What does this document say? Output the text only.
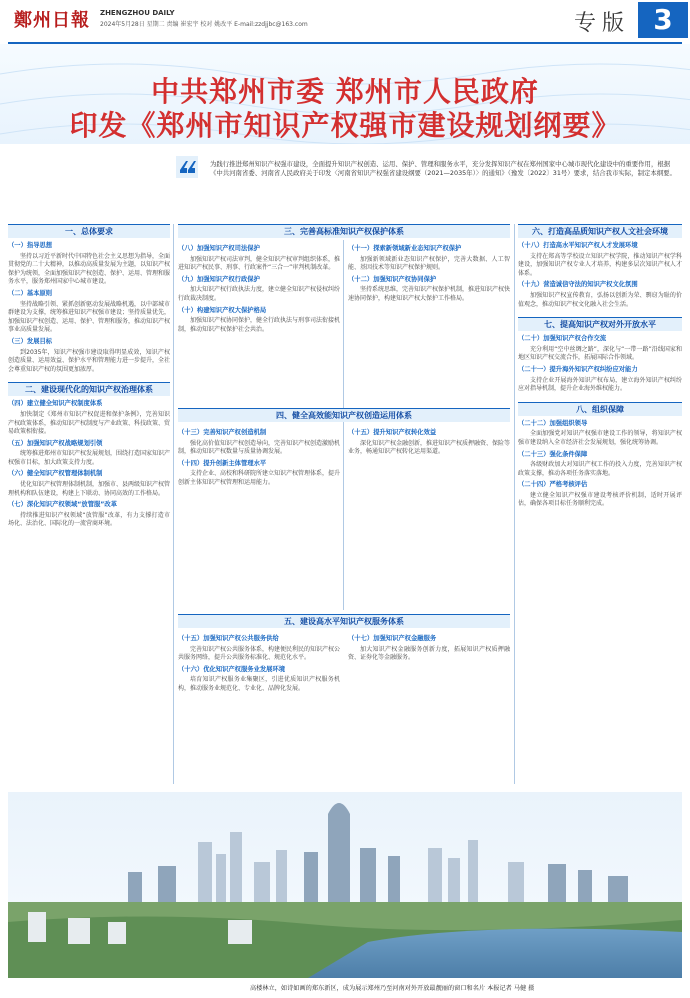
鄭州日報 ZHENGZHOU DAILY
2024年5月28日 星期二 责编 崔宏宇 校对 姚改平 E-mail:zzdjjbc@163.com	专版 3
中共郑州市委 郑州市人民政府
印发《郑州市知识产权强市建设规划纲要》
为践行推进郑州知识产权强市建设，全面提升知识产权创造、运用、保护、管理和服务水平，充分发挥知识产权在郑州国家中心城市现代化建设中的重要作用，根据《中共河南省委、河南省人民政府关于印发〈河南省知识产权强省建设纲要（2021—2035年）〉的通知》（豫发〔2022〕31号）要求，结合我市实际，制定本纲要。
一、总体要求
（一）指导思想
坚持以习近平新时代中国特色社会主义思想为指导，全面贯彻党的二十大精神，以推动高质量发展为主题，以知识产权保护为统领，全面加强知识产权创造、保护、运用、管理和服务水平，服务郑州国家中心城市建设。
（二）基本原则
坚持战略引领、紧抓创新驱动发展战略机遇，以中部城市群建设为支撑，统筹推进知识产权强市建设；坚持质量优先，加强知识产权创造、运用、保护、管理和服务，推动知识产权事业高质量发展。
（三）发展目标
到2035年，知识产权强市建设取得明显成效，知识产权创造质量、运用效益、保护水平和管理能力进一步提升，全社会尊重知识产权的氛围更加浓厚。
二、建设现代化的知识产权治理体系
（四）建立健全知识产权制度体系
加快制定《郑州市知识产权促进和保护条例》，完善知识产权政策体系，推动知识产权制度与产业政策、科技政策、贸易政策相衔接。
（五）加强知识产权战略规划引领
统筹推进郑州市知识产权发展规划，围绕打造国家知识产权强市目标，加大政策支持力度。
（六）健全知识产权管理体制机制
优化知识产权管理体制机制，加强市、县两级知识产权管理机构和队伍建设，构建上下联动、协同高效的工作格局。
（七）深化知识产权领域“放管服”改革
持续推进知识产权领域“放管服”改革，有力支撑打造市场化、法治化、国际化的一流营商环境。
三、完善高标准知识产权保护体系
（八）加强知识产权司法保护
加强知识产权司法审判，健全知识产权审判组织体系，推进知识产权民事、刑事、行政案件“三合一”审判机制改革。
（九）加强知识产权行政保护
加大知识产权行政执法力度，建立健全知识产权侵权纠纷行政裁决制度。
（十）构建知识产权大保护格局
加强知识产权协同保护，健全行政执法与刑事司法衔接机制，推动知识产权保护社会共治。
（十一）探索新领域新业态知识产权保护
加强新领域新业态知识产权保护，完善大数据、人工智能、基因技术等知识产权保护规则。
（十二）加强知识产权协同保护
坚持系统思维，完善知识产权保护机制，推进知识产权快速协同保护，构建知识产权大保护工作格局。
四、健全高效能知识产权创造运用体系
（十三）完善知识产权创造机制
强化高价值知识产权创造导向，完善知识产权创造激励机制，推动知识产权数量与质量协调发展。
（十四）提升创新主体管理水平
支持企业、高校和科研院所建立知识产权管理体系，提升创新主体知识产权管理和运用能力。
（十五）提升知识产权转化效益
深化知识产权金融创新，推进知识产权质押融资、保险等业务，畅通知识产权转化运用渠道。
五、建设高水平知识产权服务体系
（十五）加强知识产权公共服务供给
完善知识产权公共服务体系，构建便民利民的知识产权公共服务网络，提升公共服务标准化、规范化水平。
（十六）优化知识产权服务业发展环境
培育知识产权服务业集聚区，引进优质知识产权服务机构，推动服务业规范化、专业化、品牌化发展。
（十七）加强知识产权金融服务
加大知识产权金融服务创新力度，拓展知识产权质押融资、证券化等金融服务。
六、打造高品质知识产权人文社会环境
（十八）打造高水平知识产权人才发展环境
支持在郑高等学校设立知识产权学院，推动知识产权学科建设，加强知识产权专业人才培养，构建多层次知识产权人才体系。
（十九）营造诚信守法的知识产权文化氛围
加强知识产权宣传教育，弘扬以创新为荣、剽窃为耻的价值观念，推动知识产权文化融入社会生活。
七、提高知识产权对外开放水平
（二十）加强知识产权合作交流
充分利用“空中丝绸之路”，深化与“一带一路”沿线国家和地区知识产权交流合作，拓展国际合作领域。
（二十一）提升海外知识产权纠纷应对能力
支持企业开展海外知识产权布局，建立海外知识产权纠纷应对指导机制，提升企业海外维权能力。
八、组织保障
（二十二）加强组织领导
全面加强党对知识产权强市建设工作的领导，将知识产权强市建设纳入全市经济社会发展规划，强化统筹协调。
（二十三）强化条件保障
各级财政加大对知识产权工作的投入力度，完善知识产权政策支撑，推动各项任务落实落地。
（二十四）严格考核评估
建立健全知识产权强市建设考核评价机制，适时开展评估，确保各项目标任务顺利完成。
高楼林立，如诗如画的郑东新区，成为展示郑州乃至河南对外开放最靓丽的窗口和名片 本报记者 马健 摄
